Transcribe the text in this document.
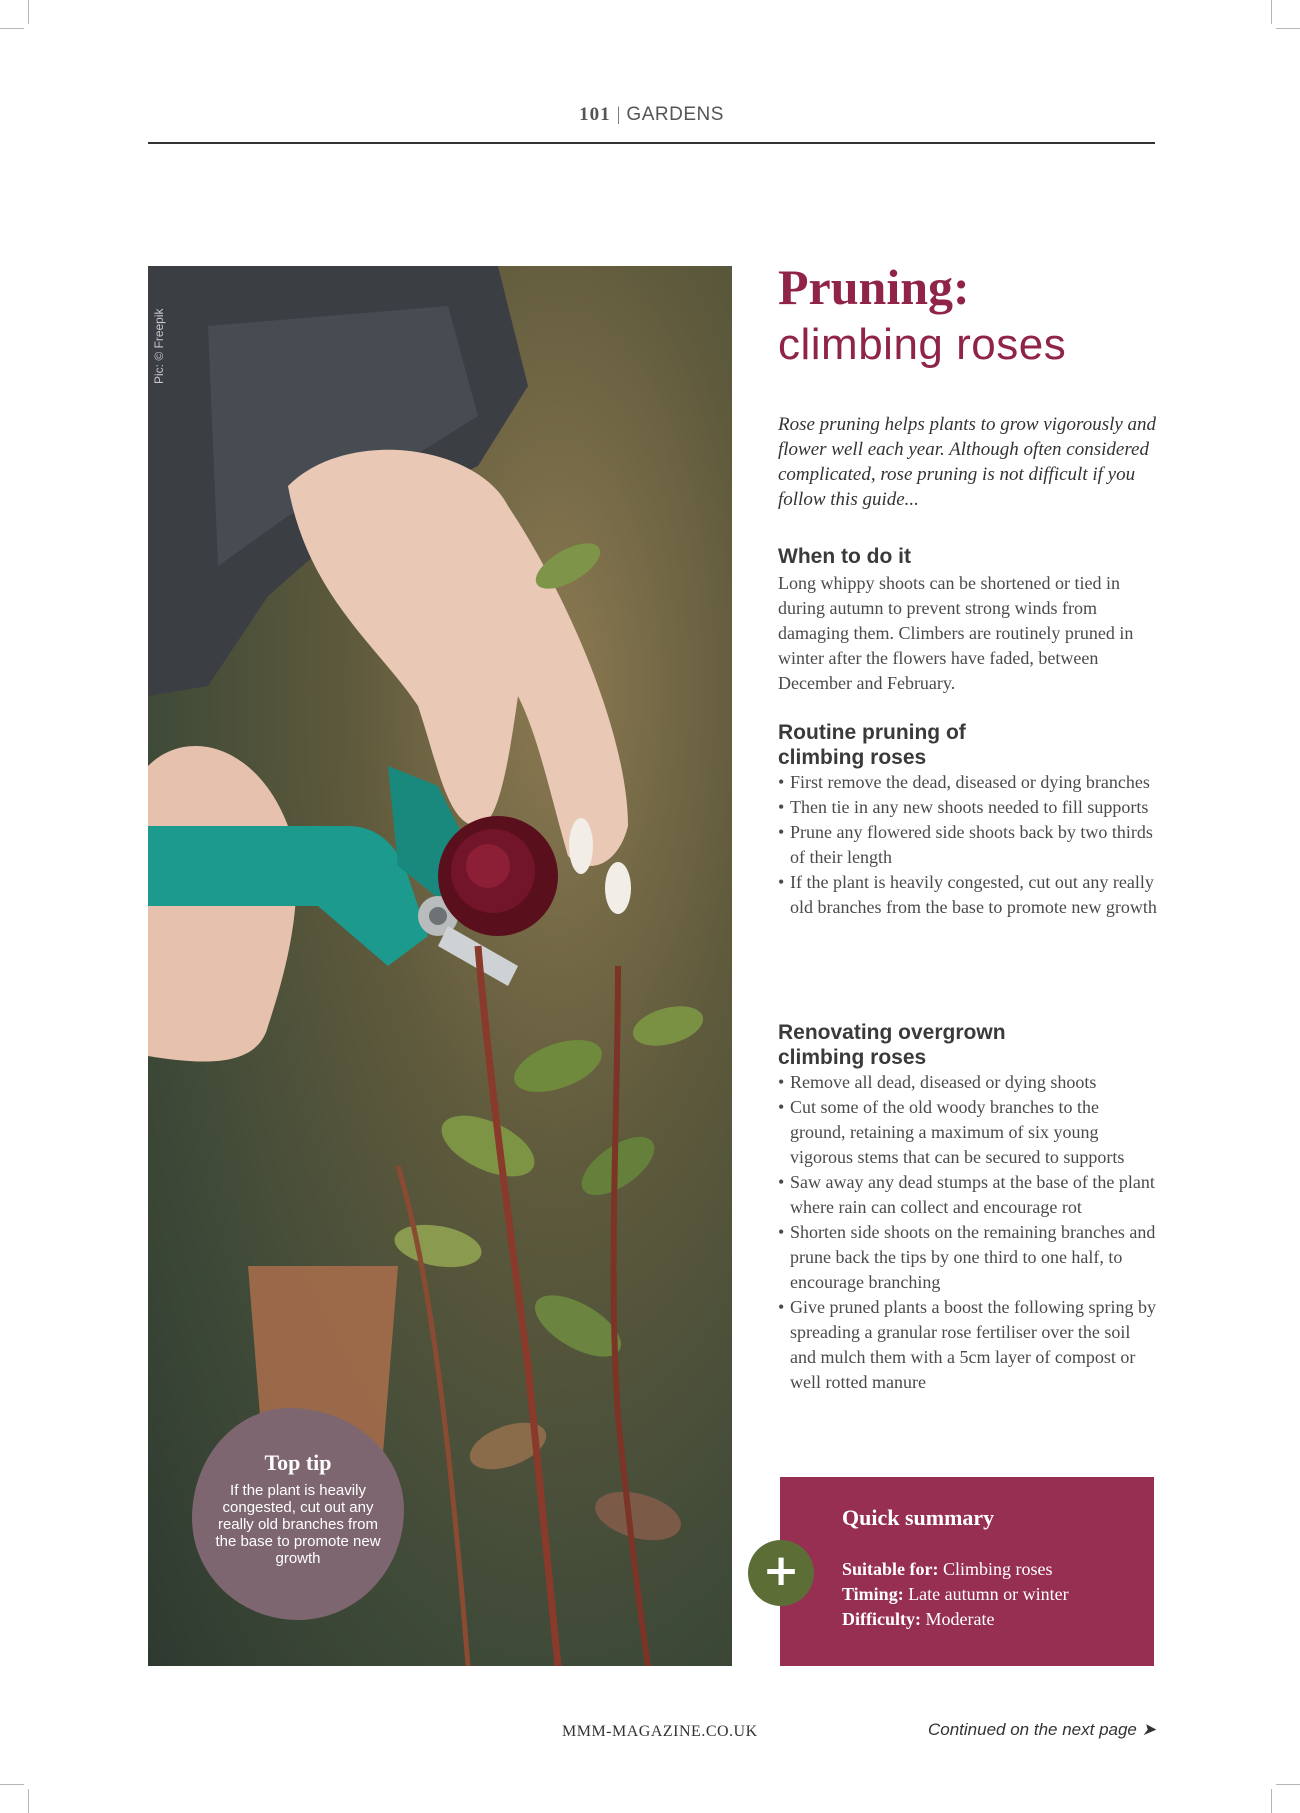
101 | GARDENS
Pic: © Freepik
Top tip
If the plant is heavily congested, cut out any really old branches from the base to promote new growth
Pruning:
climbing roses
Rose pruning helps plants to grow vigorously and flower well each year. Although often considered complicated, rose pruning is not difficult if you follow this guide...
When to do it
Long whippy shoots can be shortened or tied in during autumn to prevent strong winds from damaging them. Climbers are routinely pruned in winter after the flowers have faded, between December and February.
Routine pruning of
climbing roses
• First remove the dead, diseased or dying branches
• Then tie in any new shoots needed to fill supports
• Prune any flowered side shoots back by two thirds of their length
• If the plant is heavily congested, cut out any really old branches from the base to promote new growth
Renovating overgrown
climbing roses
• Remove all dead, diseased or dying shoots
• Cut some of the old woody branches to the ground, retaining a maximum of six young vigorous stems that can be secured to supports
• Saw away any dead stumps at the base of the plant where rain can collect and encourage rot
• Shorten side shoots on the remaining branches and prune back the tips by one third to one half, to encourage branching
• Give pruned plants a boost the following spring by spreading a granular rose fertiliser over the soil and mulch them with a 5cm layer of compost or well rotted manure
Quick summary
Suitable for: Climbing roses
Timing: Late autumn or winter
Difficulty: Moderate
+
MMM-MAGAZINE.CO.UK	Continued on the next page ➤
